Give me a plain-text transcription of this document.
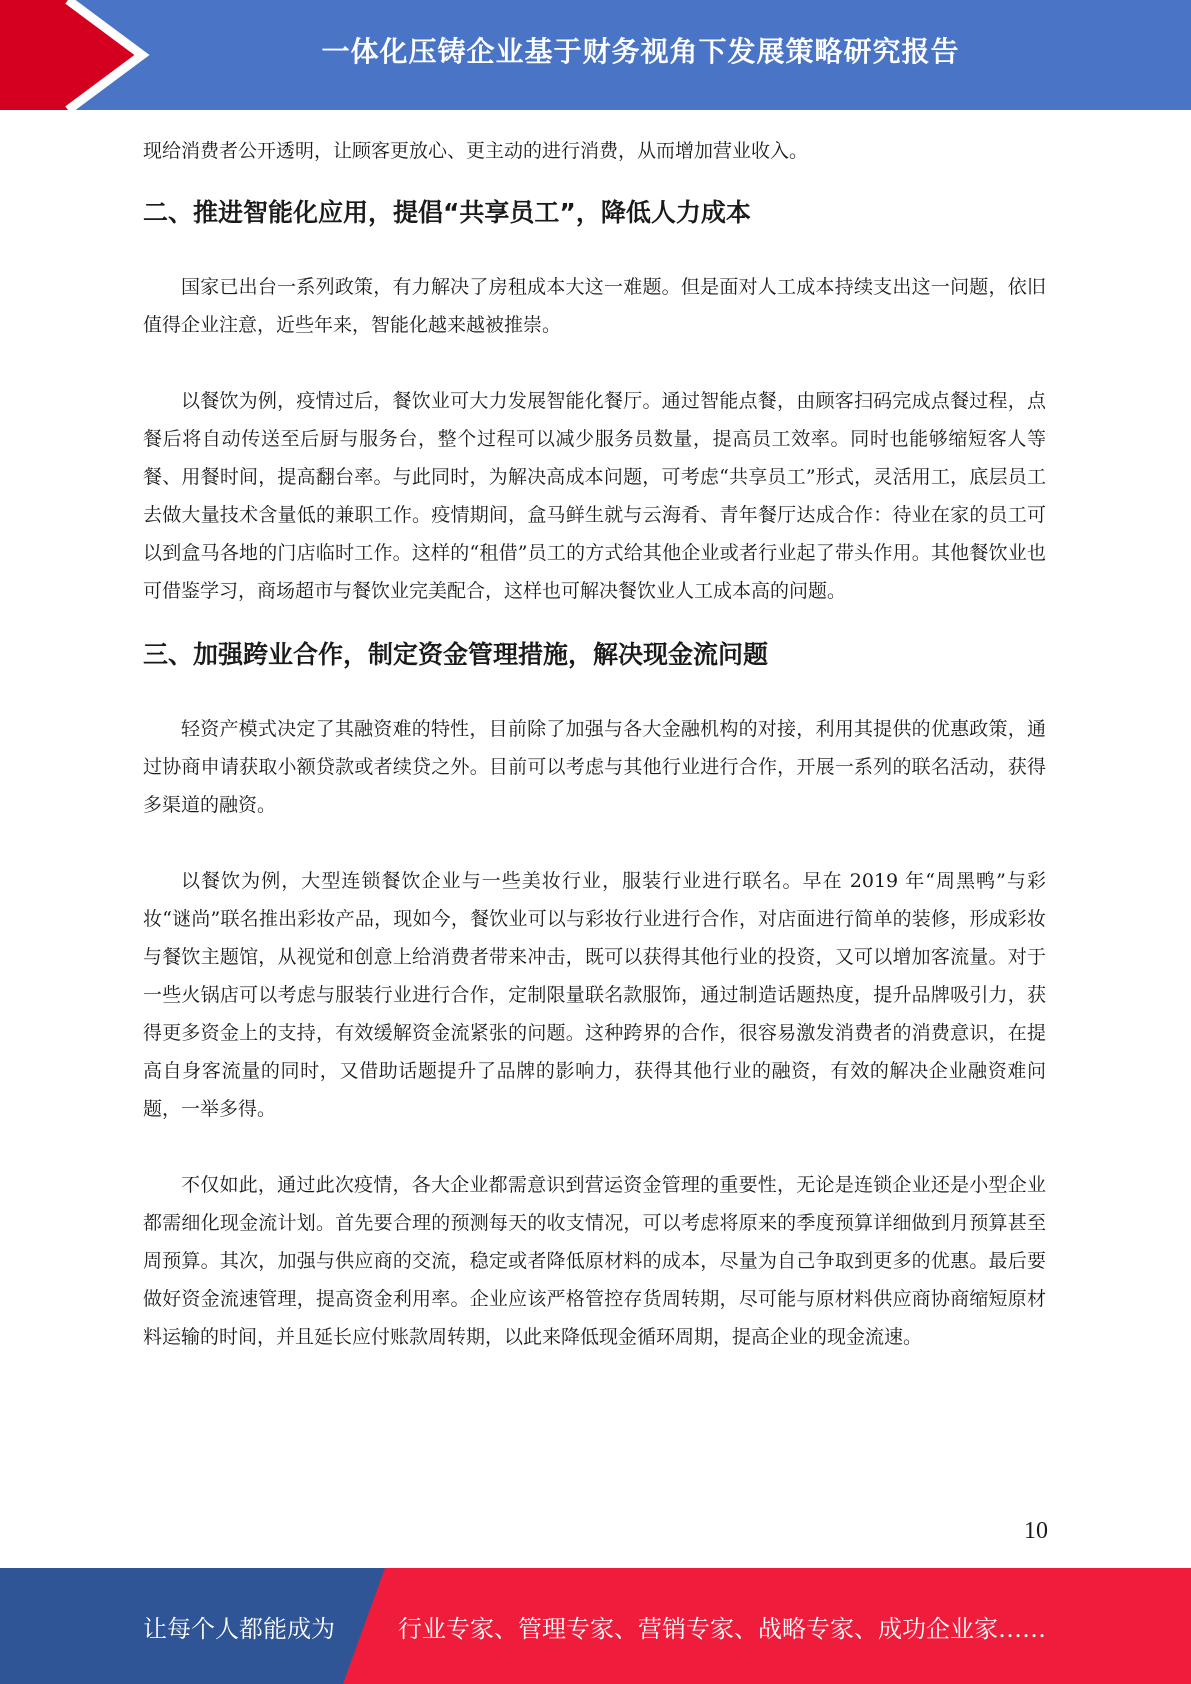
一体化压铸企业基于财务视角下发展策略研究报告

现给消费者公开透明，让顾客更放心、更主动的进行消费，从而增加营业收入。

二、推进智能化应用，提倡“共享员工”，降低人力成本

国家已出台一系列政策，有力解决了房租成本大这一难题。但是面对人工成本持续支出这一问题，依旧值得企业注意，近些年来，智能化越来越被推崇。

以餐饮为例，疫情过后，餐饮业可大力发展智能化餐厅。通过智能点餐，由顾客扫码完成点餐过程，点餐后将自动传送至后厨与服务台，整个过程可以减少服务员数量，提高员工效率。同时也能够缩短客人等餐、用餐时间，提高翻台率。与此同时，为解决高成本问题，可考虑“共享员工”形式，灵活用工，底层员工去做大量技术含量低的兼职工作。疫情期间，盒马鲜生就与云海肴、青年餐厅达成合作：待业在家的员工可以到盒马各地的门店临时工作。这样的“租借”员工的方式给其他企业或者行业起了带头作用。其他餐饮业也可借鉴学习，商场超市与餐饮业完美配合，这样也可解决餐饮业人工成本高的问题。

三、加强跨业合作，制定资金管理措施，解决现金流问题

轻资产模式决定了其融资难的特性，目前除了加强与各大金融机构的对接，利用其提供的优惠政策，通过协商申请获取小额贷款或者续贷之外。目前可以考虑与其他行业进行合作，开展一系列的联名活动，获得多渠道的融资。

以餐饮为例，大型连锁餐饮企业与一些美妆行业，服装行业进行联名。早在 2019 年“周黑鸭”与彩妆“谜尚”联名推出彩妆产品，现如今，餐饮业可以与彩妆行业进行合作，对店面进行简单的装修，形成彩妆与餐饮主题馆，从视觉和创意上给消费者带来冲击，既可以获得其他行业的投资，又可以增加客流量。对于一些火锅店可以考虑与服装行业进行合作，定制限量联名款服饰，通过制造话题热度，提升品牌吸引力，获得更多资金上的支持，有效缓解资金流紧张的问题。这种跨界的合作，很容易激发消费者的消费意识，在提高自身客流量的同时，又借助话题提升了品牌的影响力，获得其他行业的融资，有效的解决企业融资难问题，一举多得。

不仅如此，通过此次疫情，各大企业都需意识到营运资金管理的重要性，无论是连锁企业还是小型企业都需细化现金流计划。首先要合理的预测每天的收支情况，可以考虑将原来的季度预算详细做到月预算甚至周预算。其次，加强与供应商的交流，稳定或者降低原材料的成本，尽量为自己争取到更多的优惠。最后要做好资金流速管理，提高资金利用率。企业应该严格管控存货周转期，尽可能与原材料供应商协商缩短原材料运输的时间，并且延长应付账款周转期，以此来降低现金循环周期，提高企业的现金流速。

10
让每个人都能成为	行业专家、管理专家、营销专家、战略专家、成功企业家……
